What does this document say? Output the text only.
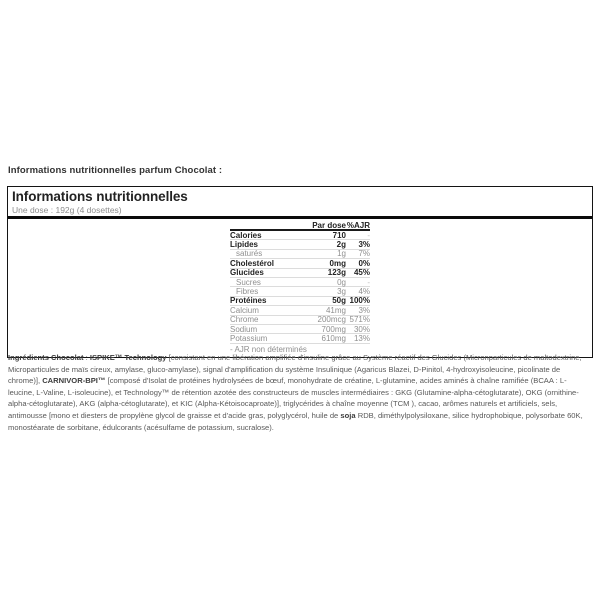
Informations nutritionnelles parfum Chocolat :
Informations nutritionnelles
Une dose : 192g (4 dosettes)
Par dose %AJR
Calories	710	-
Lipides	2g	3%
saturés	1g	7%
Cholestérol	0mg	0%
Glucides	123g 45%
Sucres	0g	-
Fibres	3g	4%
Protéines	50g 100%
Calcium	41mg	3%
Chrome	200mcg 571%
Sodium	700mg 30%
Potassium	610mg 13%
- AJR non déterminés

Ingrédients Chocolat : ISPIKE™ Technology [consistant en une libération amplifiée d'insuline grâce au Système réactif des Glucides (Micronparticules de maltodextrine, Microparticules de maïs cireux, amylase, gluco-amylase), signal d'amplification du système Insulinique (Agaricus Blazei, D-Pinitol, 4-hydroxyisoleucine, picolinate de chrome)], CARNIVOR-BPI™ [composé d'Isolat de protéines hydrolysées de bœuf, monohydrate de créatine, L-glutamine, acides aminés à chaîne ramifiée (BCAA : L-leucine, L-Valine, L-isoleucine), et Technology™ de rétention azotée des constructeurs de muscles intermédiaires : GKG (Glutamine-alpha-cétoglutarate), OKG (ornithine-alpha-cétoglutarate), AKG (alpha-cétoglutarate), et KIC (Alpha-Kétoisocaproate)], triglycérides à chaîne moyenne (TCM ), cacao, arômes naturels et artificiels, sels, antimousse [mono et diesters de propylène glycol de graisse et d'acide gras, polyglycérol, huile de soja RDB, diméthylpolysiloxane, silice hydrophobique, polysorbate 60K, monostéarate de sorbitane, édulcorants (acésulfame de potassium, sucralose).
